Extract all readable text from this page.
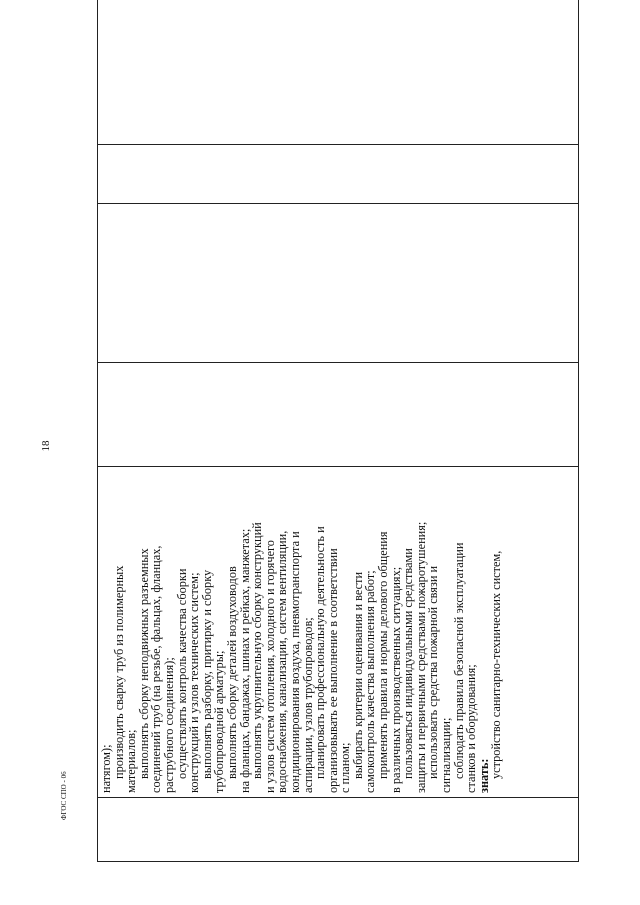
18
ФГОС СПО - 06

натягом);

производить сварку труб из полимерных

материалов;

выполнять сборку неподвижных разъемных

соединений труб (на резьбе, фальцах, фланцах,

раструбного соединения);

осуществлять контроль качества сборки

конструкций и узлов технических систем;

выполнять разборку, притирку и сборку

трубопроводной арматуры;

выполнять сборку деталей воздуховодов

на фланцах, бандажах, шинах и рейках, манжетах;

выполнять укрупнительную сборку конструкций

и узлов систем отопления, холодного и горячего

водоснабжения, канализации, систем вентиляции,

кондиционирования воздуха, пневмотранспорта и

аспирации, узлов трубопроводов;

планировать профессиональную деятельность и

организовывать ее выполнение в соответствии

с планом;

выбирать критерии оценивания и вести

самоконтроль качества выполнения работ;

применять правила и нормы делового общения

в различных производственных ситуациях;

пользоваться индивидуальными средствами

защиты и первичными средствами пожаротушения;

использовать средства пожарной связи и

сигнализации;

соблюдать правила безопасной эксплуатации

станков и оборудования;

знать:

устройство санитарно-технических систем,
